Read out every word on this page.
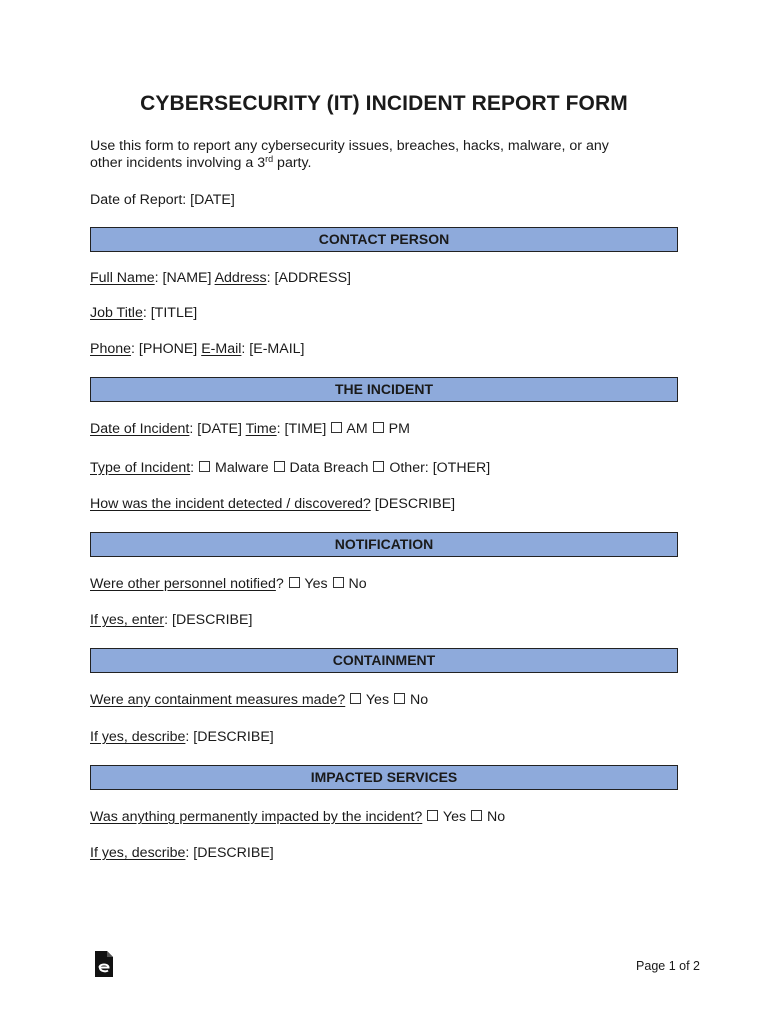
CYBERSECURITY (IT) INCIDENT REPORT FORM
Use this form to report any cybersecurity issues, breaches, hacks, malware, or any
other incidents involving a 3rd party.
Date of Report: [DATE]
CONTACT PERSON
Full Name: [NAME] Address: [ADDRESS]
Job Title: [TITLE]
Phone: [PHONE] E-Mail: [E-MAIL]
THE INCIDENT
Date of Incident: [DATE] Time: [TIME]  AM PM
Type of Incident:  Malware Data Breach Other: [OTHER]
How was the incident detected / discovered? [DESCRIBE]
NOTIFICATION
Were other personnel notified?  Yes No
If yes, enter: [DESCRIBE]
CONTAINMENT
Were any containment measures made? Yes No
If yes, describe: [DESCRIBE]
IMPACTED SERVICES
Was anything permanently impacted by the incident? Yes No
If yes, describe: [DESCRIBE]
Page 1 of 2
